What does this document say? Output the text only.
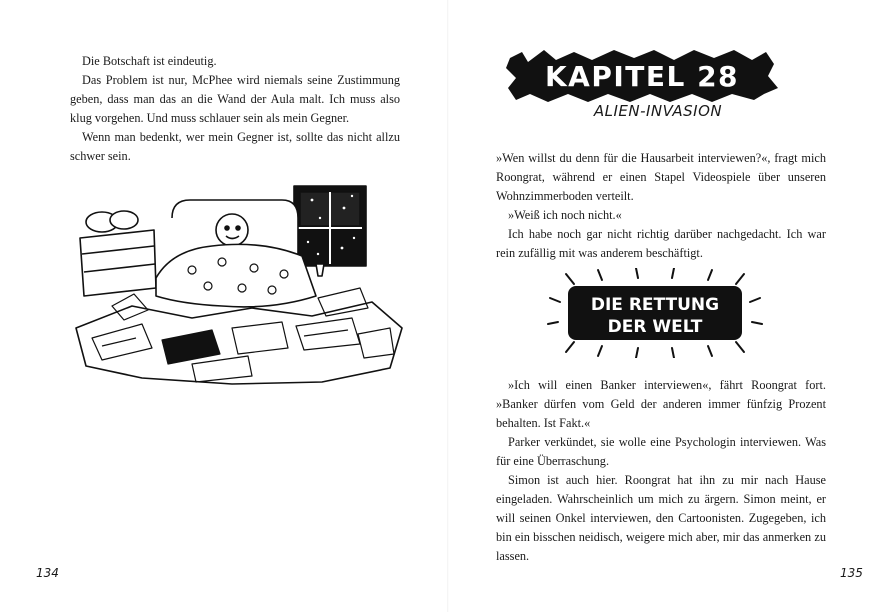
Die Botschaft ist eindeutig.

Das Problem ist nur, McPhee wird niemals seine Zustimmung geben, dass man das an die Wand der Aula malt. Ich muss also klug vorgehen. Und muss schlauer sein als mein Gegner.

Wenn man bedenkt, wer mein Gegner ist, sollte das nicht allzu schwer sein.

134
KAPITEL 28
ALIEN-INVASION

»Wen willst du denn für die Hausarbeit interviewen?«, fragt mich Roongrat, während er einen Stapel Videospiele über unseren Wohnzimmerboden verteilt.

»Weiß ich noch nicht.«

Ich habe noch gar nicht richtig darüber nachgedacht. Ich war rein zufällig mit was anderem beschäftigt.

DIE RETTUNG
DER WELT

»Ich will einen Banker interviewen«, fährt Roongrat fort. »Banker dürfen vom Geld der anderen immer fünfzig Prozent behalten. Ist Fakt.«

Parker verkündet, sie wolle eine Psychologin interviewen. Was für eine Überraschung.

Simon ist auch hier. Roongrat hat ihn zu mir nach Hause eingeladen. Wahrscheinlich um mich zu ärgern. Simon meint, er will seinen Onkel interviewen, den Cartoonisten. Zugegeben, ich bin ein bisschen neidisch, weigere mich aber, mir das anmerken zu lassen.

135
